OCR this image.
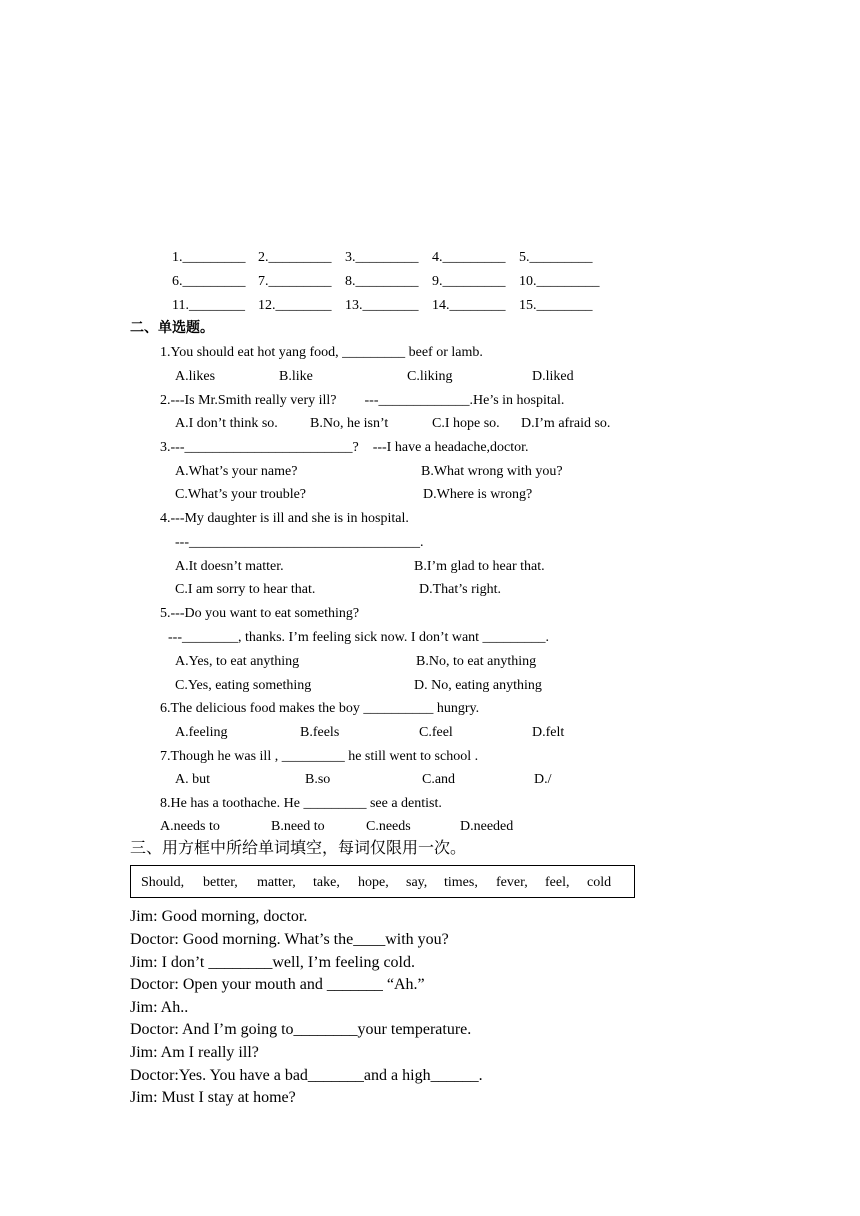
1._________ 2._________ 3._________ 4._________ 5._________
6._________ 7._________ 8._________ 9._________ 10._________
11.________ 12.________ 13.________ 14.________ 15.________
二、单选题。
1.You should eat hot yang food, _________ beef or lamb.
A.likes	B.like	C.liking	D.liked
2.---Is Mr.Smith really very ill?        ---_____________.He’s in hospital.
A.I don’t think so. B.No, he isn’t	C.I hope so. D.I’m afraid so.
3.---________________________?    ---I have a headache,doctor.
A.What’s your name?	B.What wrong with you?
C.What’s your trouble?	D.Where is wrong?
4.---My daughter is ill and she is in hospital.
---_________________________________.
A.It doesn’t matter.	B.I’m glad to hear that.
C.I am sorry to hear that.	D.That’s right.
5.---Do you want to eat something?
---________, thanks. I’m feeling sick now. I don’t want _________.
A.Yes, to eat anything	B.No, to eat anything
C.Yes, eating something	D. No, eating anything
6.The delicious food makes the boy __________ hungry.
A.feeling	B.feels	C.feel	D.felt
7.Though he was ill , _________ he still went to school .
A. but	B.so	C.and	D./
8.He has a toothache. He _________ see a dentist.
A.needs to	B.need to	C.needs	D.needed
三、用方框中所给单词填空，每词仅限用一次。
Should, better, matter, take, hope, say, times, fever, feel, cold
Jim: Good morning, doctor.
Doctor: Good morning. What’s the____with you?
Jim: I don’t ________well, I’m feeling cold.
Doctor: Open your mouth and _______ “Ah.”
Jim: Ah..
Doctor: And I’m going to________your temperature.
Jim: Am I really ill?
Doctor:Yes. You have a bad_______and a high______.
Jim: Must I stay at home?
